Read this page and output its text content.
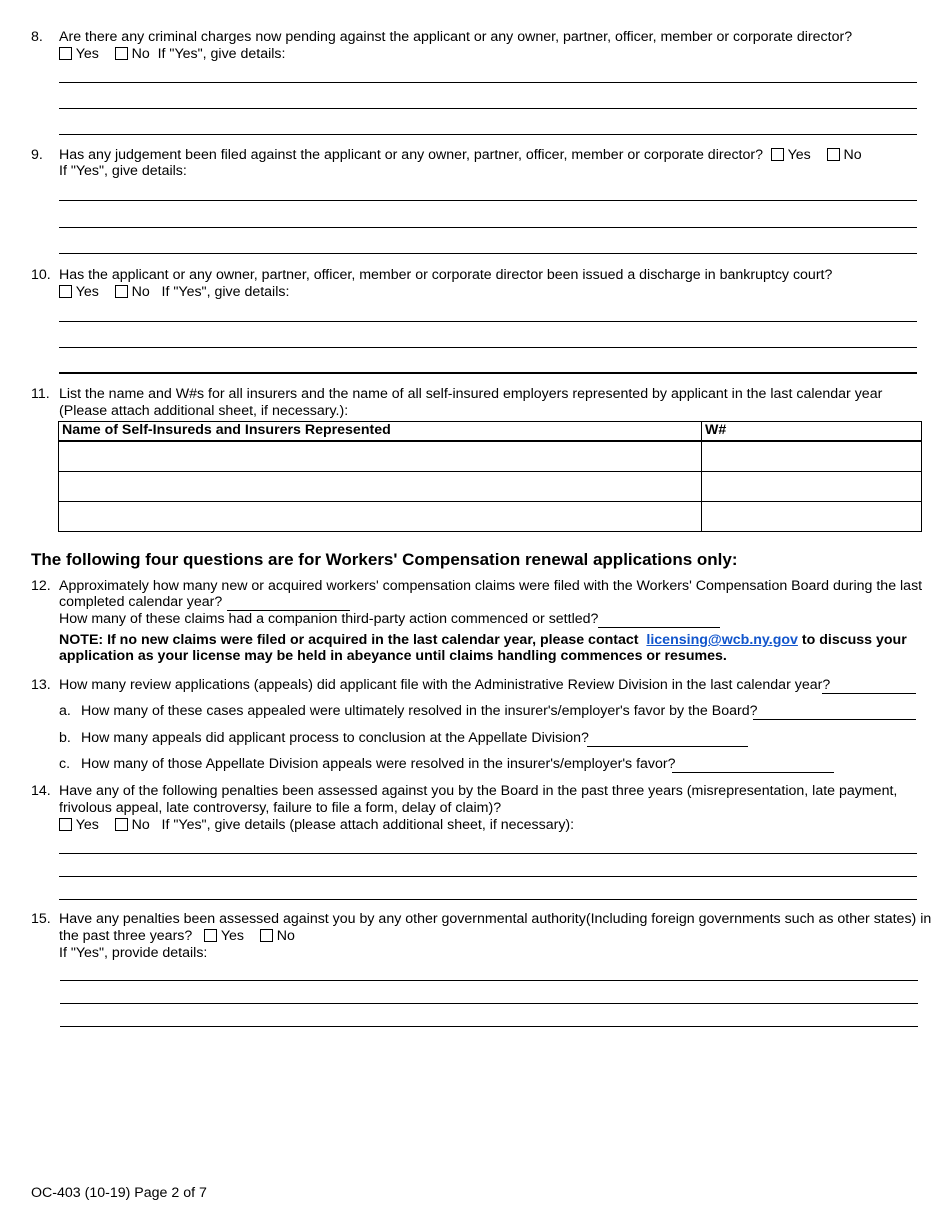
8. Are there any criminal charges now pending against the applicant or any owner, partner, officer, member or corporate director?
Yes No If "Yes", give details:
9. Has any judgement been filed against the applicant or any owner, partner, officer, member or corporate director? Yes No
If "Yes", give details:
10. Has the applicant or any owner, partner, officer, member or corporate director been issued a discharge in bankruptcy court?
Yes No If "Yes", give details:
11. List the name and W#s for all insurers and the name of all self-insured employers represented by applicant in the last calendar year
(Please attach additional sheet, if necessary.):
Name of Self-Insureds and Insurers Represented	W#

The following four questions are for Workers' Compensation renewal applications only:
12. Approximately how many new or acquired workers' compensation claims were filed with the Workers' Compensation Board during the last
completed calendar year?
How many of these claims had a companion third-party action commenced or settled?
NOTE: If no new claims were filed or acquired in the last calendar year, please contact licensing@wcb.ny.gov to discuss your
application as your license may be held in abeyance until claims handling commences or resumes.
13. How many review applications (appeals) did applicant file with the Administrative Review Division in the last calendar year?
a. How many of these cases appealed were ultimately resolved in the insurer's/employer's favor by the Board?
b. How many appeals did applicant process to conclusion at the Appellate Division?
c. How many of those Appellate Division appeals were resolved in the insurer's/employer's favor?
14. Have any of the following penalties been assessed against you by the Board in the past three years (misrepresentation, late payment,
frivolous appeal, late controversy, failure to file a form, delay of claim)?
Yes No If "Yes", give details (please attach additional sheet, if necessary):
15. Have any penalties been assessed against you by any other governmental authority(Including foreign governments such as other states) in
the past three years? Yes No
If "Yes", provide details:
OC-403 (10-19) Page 2 of 7
